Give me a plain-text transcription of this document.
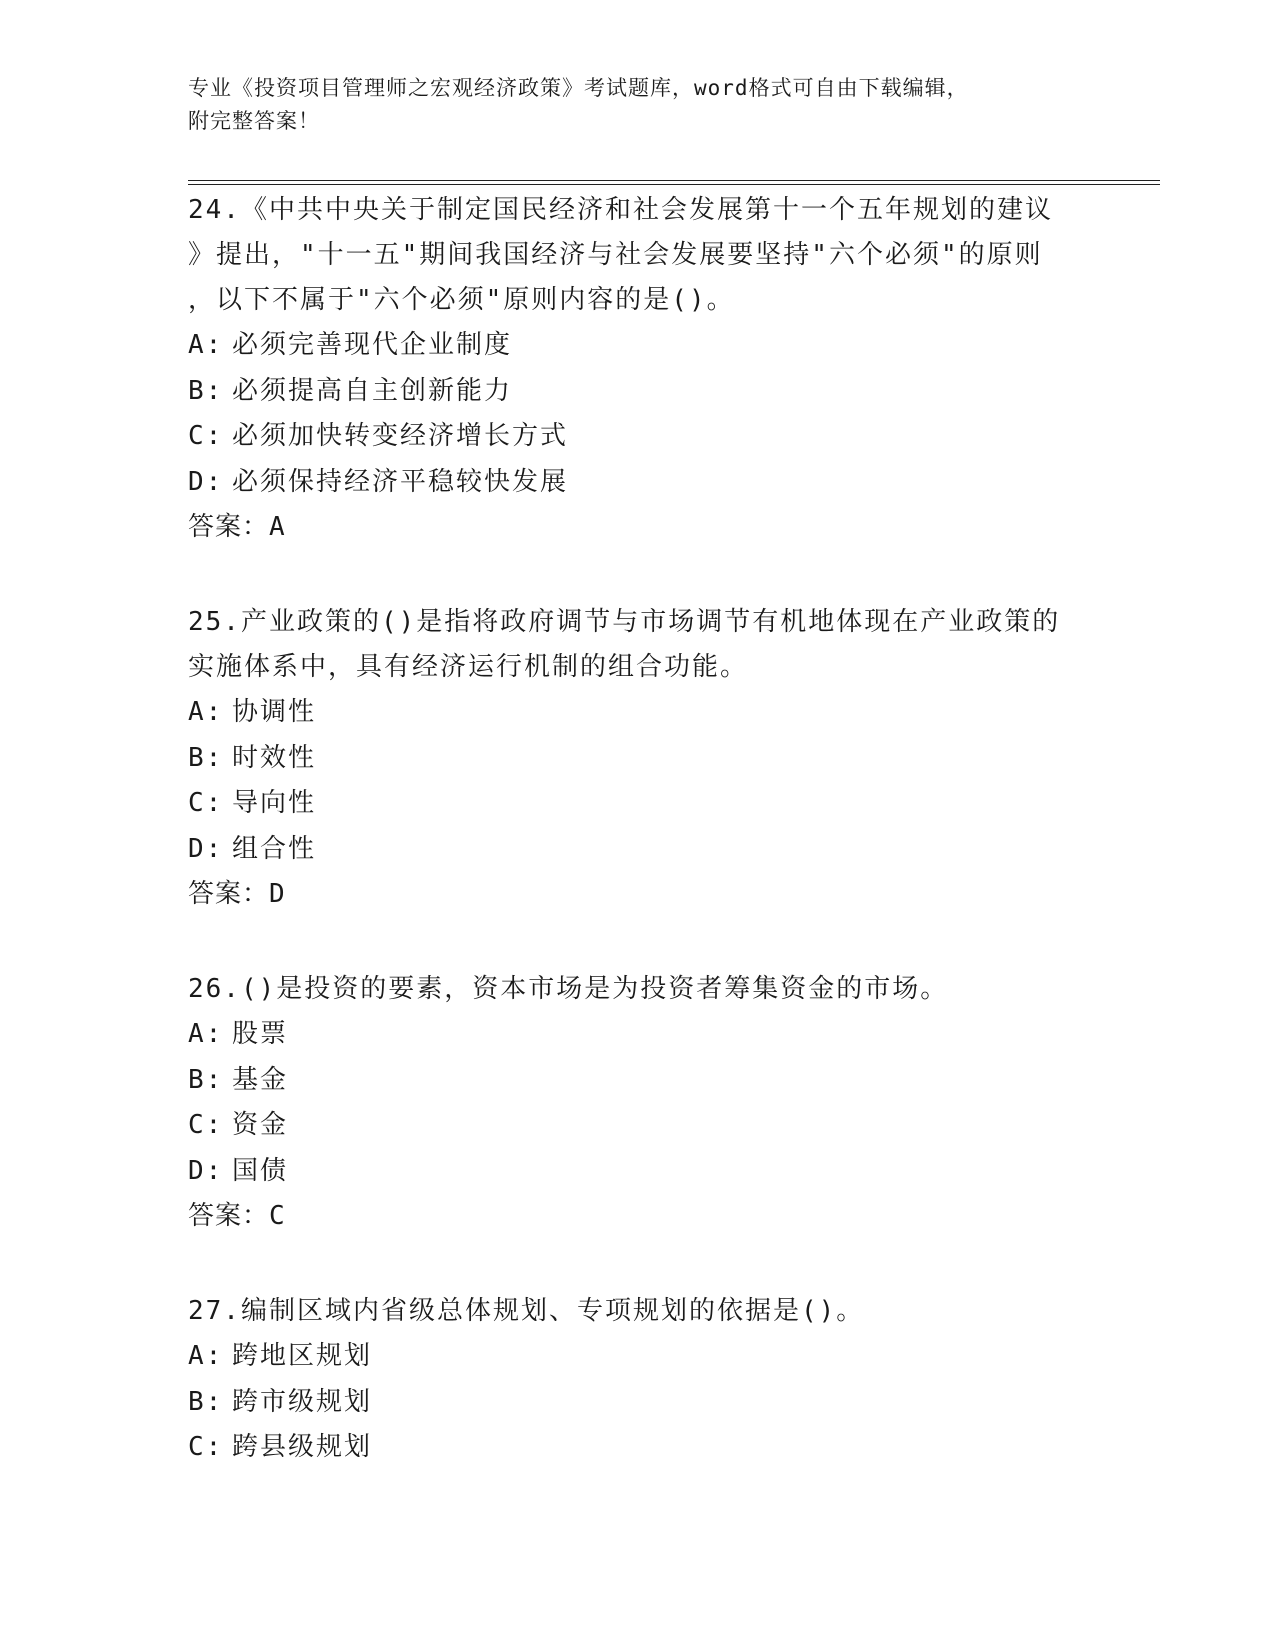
专业《投资项目管理师之宏观经济政策》考试题库，word格式可自由下载编辑，
附完整答案！

24.《中共中央关于制定国民经济和社会发展第十一个五年规划的建议
》提出，"十一五"期间我国经济与社会发展要坚持"六个必须"的原则
，以下不属于"六个必须"原则内容的是()。

A: 必须完善现代企业制度

B: 必须提高自主创新能力

C: 必须加快转变经济增长方式

D: 必须保持经济平稳较快发展

答案：A

25.产业政策的()是指将政府调节与市场调节有机地体现在产业政策的
实施体系中，具有经济运行机制的组合功能。

A: 协调性

B: 时效性

C: 导向性

D: 组合性

答案：D

26.()是投资的要素，资本市场是为投资者筹集资金的市场。

A: 股票

B: 基金

C: 资金

D: 国债

答案：C

27.编制区域内省级总体规划、专项规划的依据是()。

A: 跨地区规划

B: 跨市级规划

C: 跨县级规划
